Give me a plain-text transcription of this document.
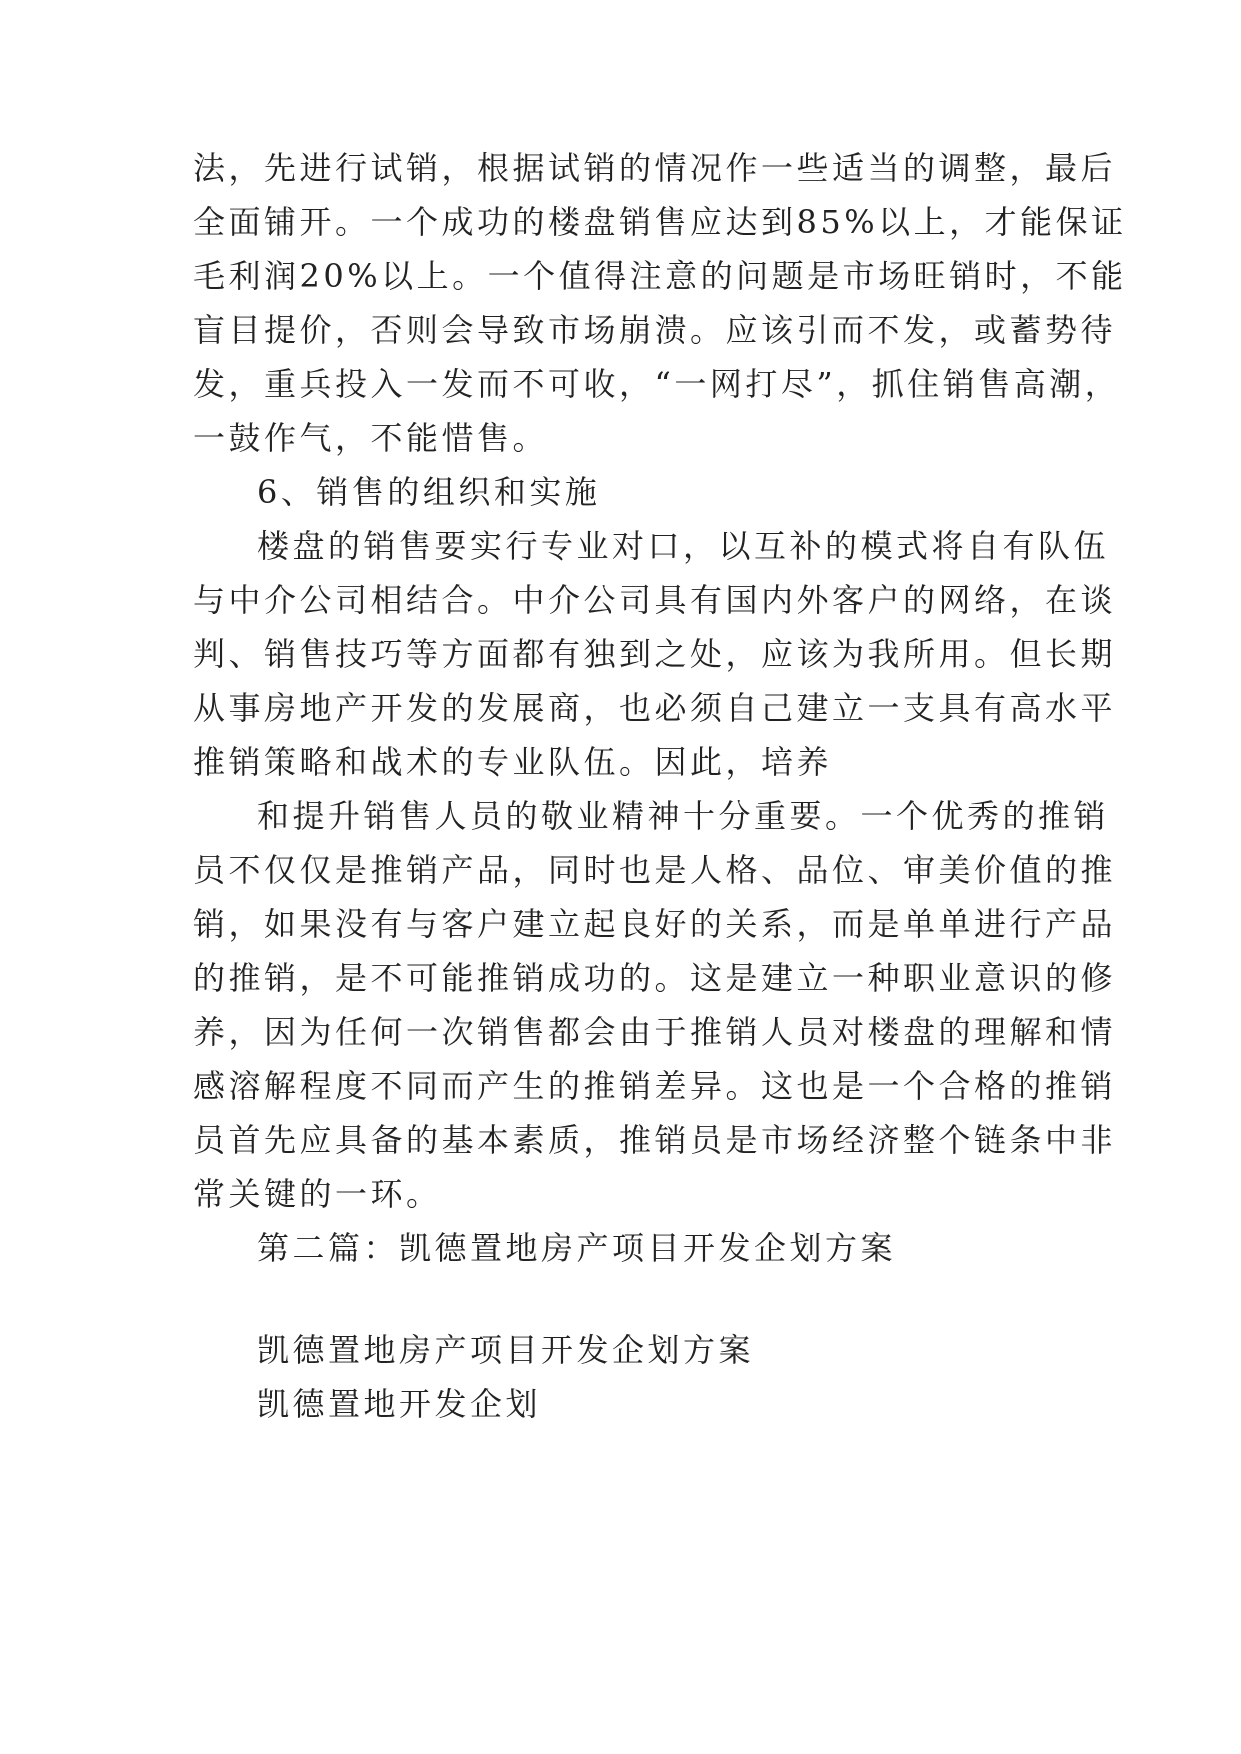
法，先进行试销，根据试销的情况作一些适当的调整，最后
全面铺开。一个成功的楼盘销售应达到85%以上，才能保证
毛利润20%以上。一个值得注意的问题是市场旺销时，不能
盲目提价，否则会导致市场崩溃。应该引而不发，或蓄势待
发，重兵投入一发而不可收，“一网打尽”，抓住销售高潮，
一鼓作气，不能惜售。
6、销售的组织和实施
楼盘的销售要实行专业对口，以互补的模式将自有队伍
与中介公司相结合。中介公司具有国内外客户的网络，在谈
判、销售技巧等方面都有独到之处，应该为我所用。但长期
从事房地产开发的发展商，也必须自己建立一支具有高水平
推销策略和战术的专业队伍。因此，培养
和提升销售人员的敬业精神十分重要。一个优秀的推销
员不仅仅是推销产品，同时也是人格、品位、审美价值的推
销，如果没有与客户建立起良好的关系，而是单单进行产品
的推销，是不可能推销成功的。这是建立一种职业意识的修
养，因为任何一次销售都会由于推销人员对楼盘的理解和情
感溶解程度不同而产生的推销差异。这也是一个合格的推销
员首先应具备的基本素质，推销员是市场经济整个链条中非
常关键的一环。
第二篇：凯德置地房产项目开发企划方案
凯德置地房产项目开发企划方案
凯德置地开发企划
